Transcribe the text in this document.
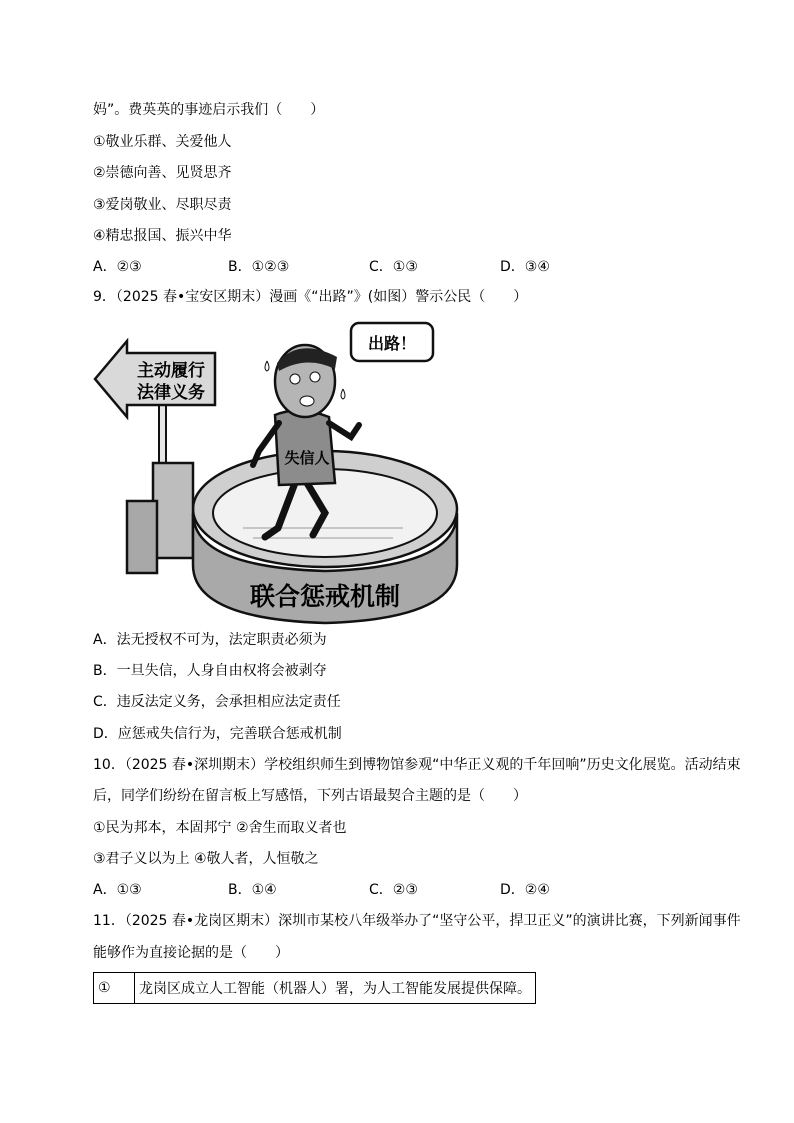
妈”。费英英的事迹启示我们（　　）
①敬业乐群、关爱他人
②崇德向善、见贤思齐
③爱岗敬业、尽职尽责
④精忠报国、振兴中华
A．②③	B．①②③	C．①③	D．③④
9．（2025 春•宝安区期末）漫画《“出路”》(如图）警示公民（　　）
主动履行
法律义务
联合惩戒机制
失信人
出路！
A．法无授权不可为，法定职责必须为
B．一旦失信，人身自由权将会被剥夺
C．违反法定义务，会承担相应法定责任
D．应惩戒失信行为，完善联合惩戒机制
10．（2025 春•深圳期末）学校组织师生到博物馆参观“中华正义观的千年回响”历史文化展览。活动结束
后，同学们纷纷在留言板上写感悟，下列古语最契合主题的是（　　）
①民为邦本，本固邦宁 ②舍生而取义者也
③君子义以为上 ④敬人者，人恒敬之
A．①③	B．①④	C．②③	D．②④
11．（2025 春•龙岗区期末）深圳市某校八年级举办了“坚守公平，捍卫正义”的演讲比赛，下列新闻事件
能够作为直接论据的是（　　）
①	龙岗区成立人工智能（机器人）署，为人工智能发展提供保障。
